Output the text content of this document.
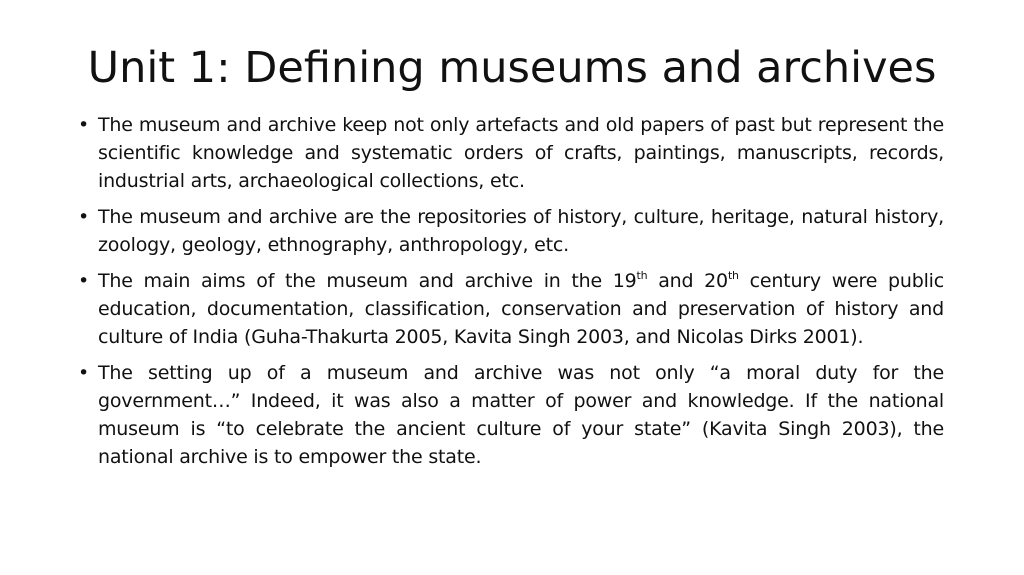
Unit 1: Defining museums and archives
• The museum and archive keep not only artefacts and old papers of past but represent the scientific knowledge and systematic orders of crafts, paintings, manuscripts, records, industrial arts, archaeological collections, etc.
• The museum and archive are the repositories of history, culture, heritage, natural history, zoology, geology, ethnography, anthropology, etc.
• The main aims of the museum and archive in the 19th and 20th century were public education, documentation, classification, conservation and preservation of history and culture of India (Guha-Thakurta 2005, Kavita Singh 2003, and Nicolas Dirks 2001).
• The setting up of a museum and archive was not only “a moral duty for the government…” Indeed, it was also a matter of power and knowledge. If the national museum is “to celebrate the ancient culture of your state” (Kavita Singh 2003), the national archive is to empower the state.
